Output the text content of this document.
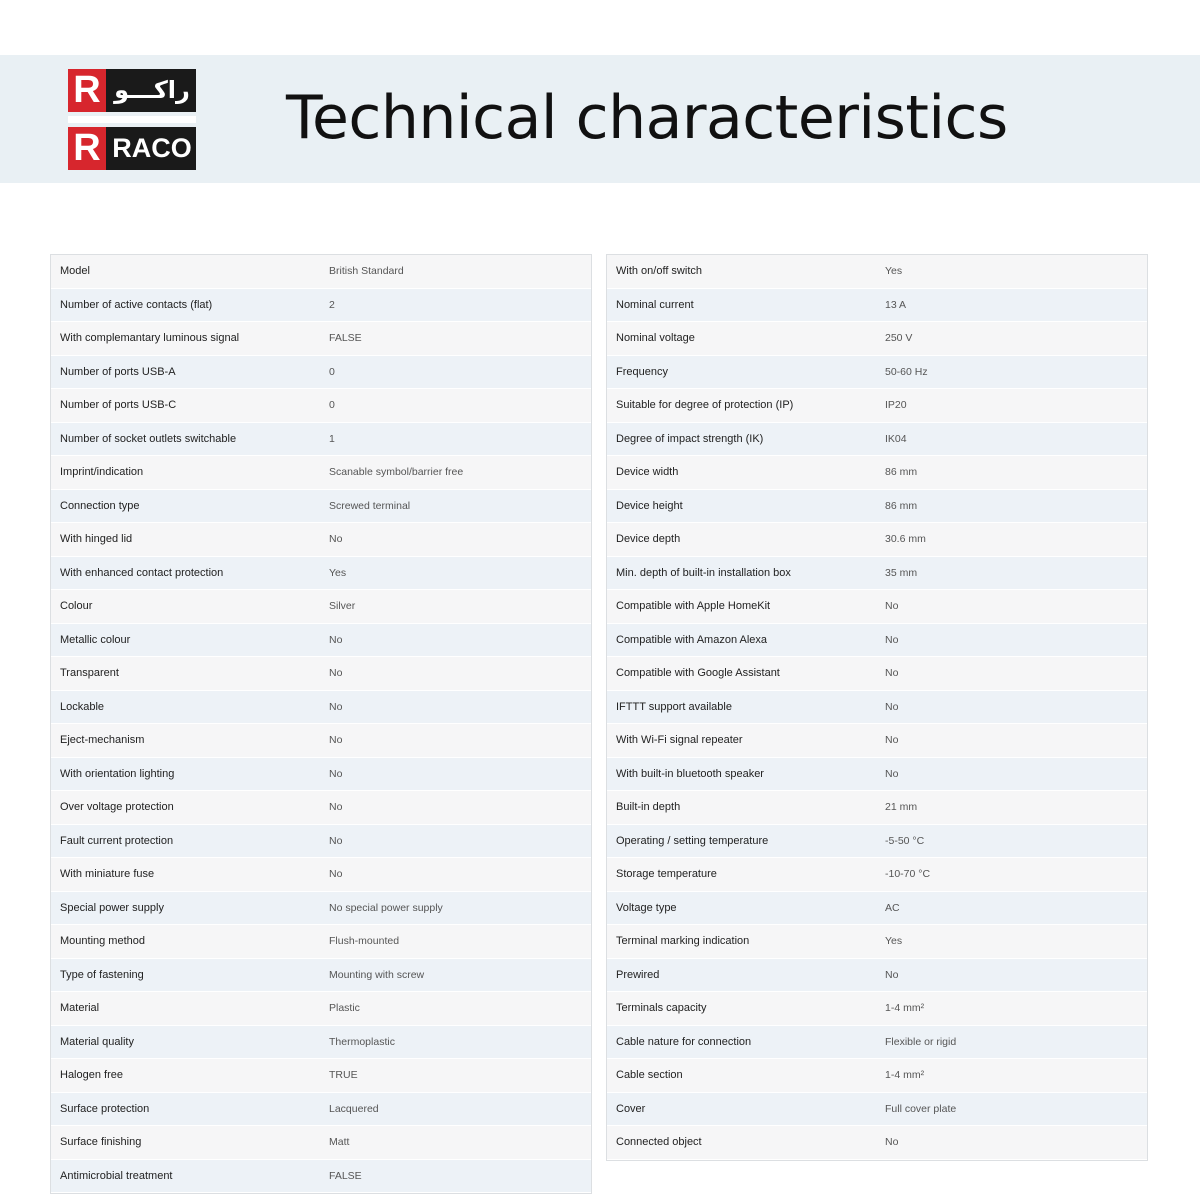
R راكـــو
R RACO Technical characteristics
Model	British Standard
Number of active contacts (flat)	2
With complemantary luminous signal	FALSE
Number of ports USB-A	0
Number of ports USB-C	0
Number of socket outlets switchable	1
Imprint/indication	Scanable symbol/barrier free
Connection type	Screwed terminal
With hinged lid	No
With enhanced contact protection	Yes
Colour	Silver
Metallic colour	No
Transparent	No
Lockable	No
Eject-mechanism	No
With orientation lighting	No
Over voltage protection	No
Fault current protection	No
With miniature fuse	No
Special power supply	No special power supply
Mounting method	Flush-mounted
Type of fastening	Mounting with screw
Material	Plastic
Material quality	Thermoplastic
Halogen free	TRUE
Surface protection	Lacquered
Surface finishing	Matt
Antimicrobial treatment	FALSE
With on/off switch	Yes
Nominal current	13 A
Nominal voltage	250 V
Frequency	50-60 Hz
Suitable for degree of protection (IP)	IP20
Degree of impact strength (IK)	IK04
Device width	86 mm
Device height	86 mm
Device depth	30.6 mm
Min. depth of built-in installation box	35 mm
Compatible with Apple HomeKit	No
Compatible with Amazon Alexa	No
Compatible with Google Assistant	No
IFTTT support available	No
With Wi-Fi signal repeater	No
With built-in bluetooth speaker	No
Built-in depth	21 mm
Operating / setting temperature	-5-50 °C
Storage temperature	-10-70 °C
Voltage type	AC
Terminal marking indication	Yes
Prewired	No
Terminals capacity	1-4 mm²
Cable nature for connection	Flexible or rigid
Cable section	1-4 mm²
Cover	Full cover plate
Connected object	No
